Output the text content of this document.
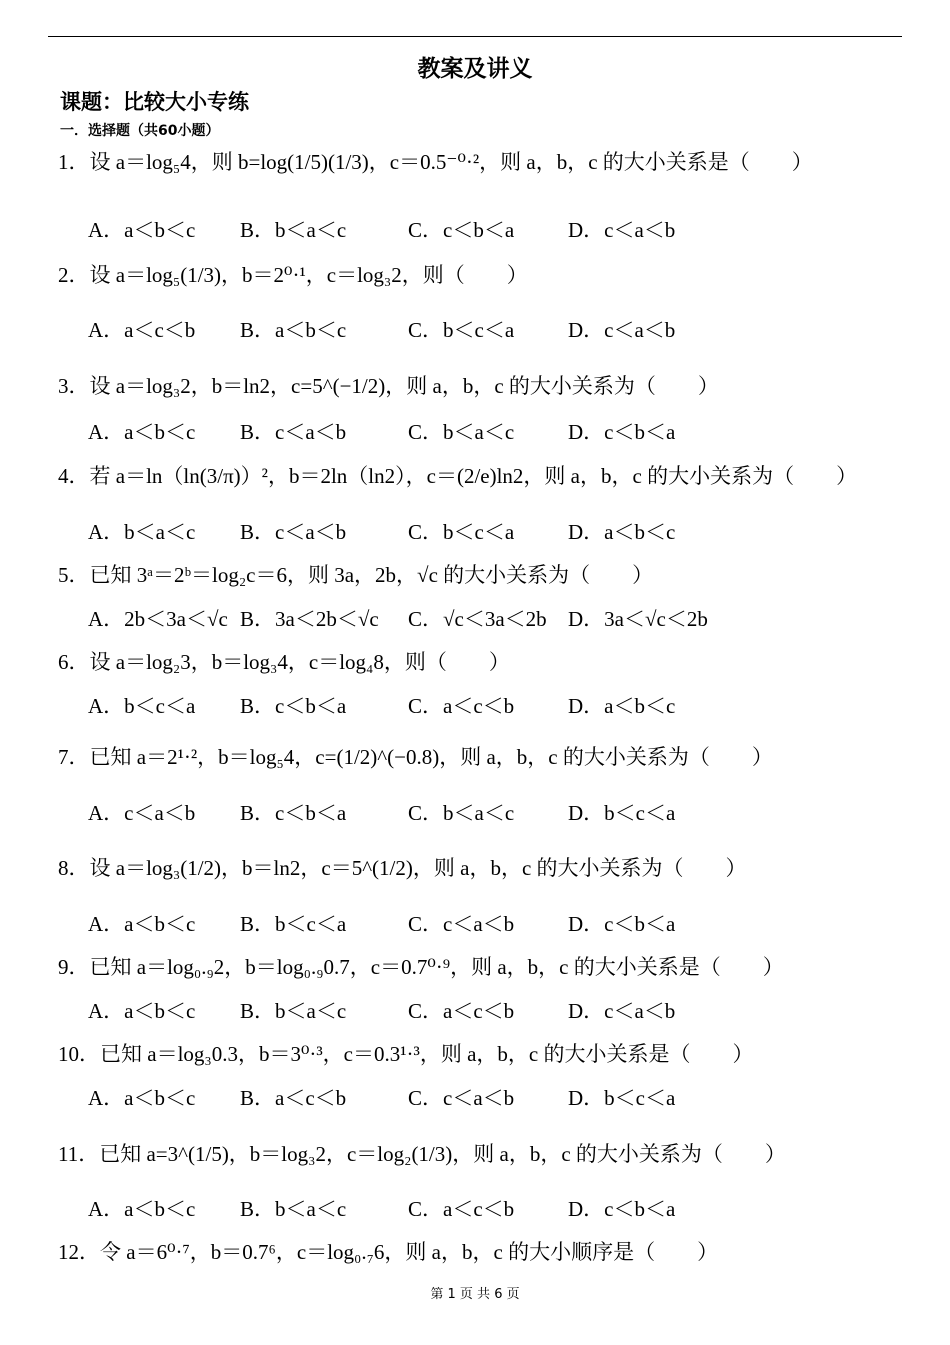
教案及讲义
课题：比较大小专练
一．选择题（共60小题）
1．设 a＝log₅4，则 b=log(1/5)(1/3)，c＝0.5⁻⁰·²，则 a，b，c 的大小关系是（　　）
A．a＜b＜c B．b＜a＜c	C．c＜b＜a	D．c＜a＜b
2．设 a＝log₅(1/3)，b＝2⁰·¹，c＝log₃2，则（　　）
A．a＜c＜b B．a＜b＜c	C．b＜c＜a	D．c＜a＜b
3．设 a＝log₃2，b＝ln2，c=5^(−1/2)，则 a，b，c 的大小关系为（　　）
A．a＜b＜c B．c＜a＜b	C．b＜a＜c	D．c＜b＜a
4．若 a＝ln（ln(3/π)）²，b＝2ln（ln2），c＝(2/e)ln2，则 a，b，c 的大小关系为（　　）
A．b＜a＜c B．c＜a＜b	C．b＜c＜a	D．a＜b＜c
5．已知 3ᵃ＝2ᵇ＝log₂c＝6，则 3a，2b，√c 的大小关系为（　　）
A．2b＜3a＜√c B．3a＜2b＜√c C．√c＜3a＜2b D．3a＜√c＜2b
6．设 a＝log₂3，b＝log₃4，c＝log₄8，则（　　）
A．b＜c＜a B．c＜b＜a	C．a＜c＜b	D．a＜b＜c
7．已知 a＝2¹·²，b＝log₅4，c=(1/2)^(−0.8)，则 a，b，c 的大小关系为（　　）
A．c＜a＜b B．c＜b＜a	C．b＜a＜c	D．b＜c＜a
8．设 a＝log₃(1/2)，b＝ln2，c＝5^(1/2)，则 a，b，c 的大小关系为（　　）
A．a＜b＜c B．b＜c＜a	C．c＜a＜b	D．c＜b＜a
9．已知 a＝log₀.₉2，b＝log₀.₉0.7，c＝0.7⁰·⁹，则 a，b，c 的大小关系是（　　）
A．a＜b＜c B．b＜a＜c	C．a＜c＜b	D．c＜a＜b
10．已知 a＝log₃0.3，b＝3⁰·³，c＝0.3¹·³，则 a，b，c 的大小关系是（　　）
A．a＜b＜c B．a＜c＜b	C．c＜a＜b	D．b＜c＜a
11．已知 a=3^(1/5)，b＝log₃2，c＝log₂(1/3)，则 a，b，c 的大小关系为（　　）
A．a＜b＜c B．b＜a＜c	C．a＜c＜b	D．c＜b＜a
12．令 a＝6⁰·⁷，b＝0.7⁶，c＝log₀.₇6，则 a，b，c 的大小顺序是（　　）
第 1 页 共 6 页
